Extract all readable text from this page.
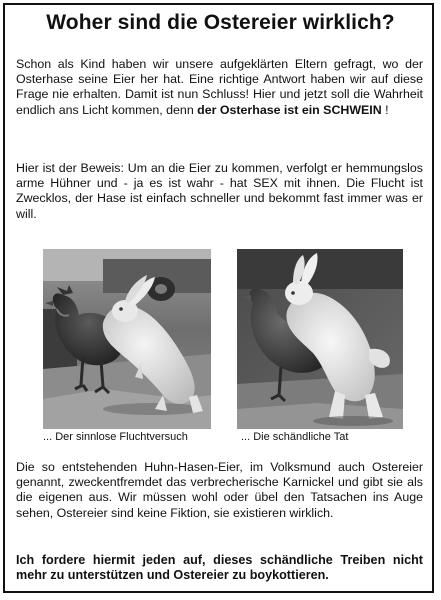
Woher sind die Ostereier wirklich?

Schon als Kind haben wir unsere aufgeklärten Eltern gefragt, wo der Osterhase seine Eier her hat. Eine richtige Antwort haben wir auf diese Frage nie erhalten. Damit ist nun Schluss! Hier und jetzt soll die Wahrheit endlich ans Licht kommen, denn der Osterhase ist ein SCHWEIN !

Hier ist der Beweis: Um an die Eier zu kommen, verfolgt er hemmungslos arme Hühner und - ja es ist wahr - hat SEX mit ihnen. Die Flucht ist Zwecklos, der Hase ist einfach schneller und bekommt fast immer was er will.

... Der sinnlose Fluchtversuch	... Die schändliche Tat

Die so entstehenden Huhn-Hasen-Eier, im Volksmund auch Ostereier genannt, zweckentfremdet das verbrecherische Karnickel und gibt sie als die eigenen aus. Wir müssen wohl oder übel den Tatsachen ins Auge sehen, Ostereier sind keine Fiktion, sie existieren wirklich.

Ich fordere hiermit jeden auf, dieses schändliche Treiben nicht mehr zu unterstützen und Ostereier zu boykottieren.
